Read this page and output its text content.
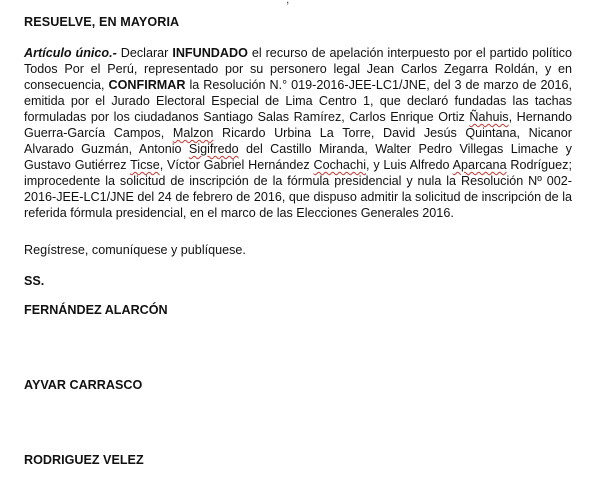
RESUELVE, EN MAYORIA
Artículo único.- Declarar INFUNDADO el recurso de apelación interpuesto por el partido político Todos Por el Perú, representado por su personero legal Jean Carlos Zegarra Roldán, y en consecuencia, CONFIRMAR la Resolución N.° 019-2016-JEE-LC1/JNE, del 3 de marzo de 2016, emitida por el Jurado Electoral Especial de Lima Centro 1, que declaró fundadas las tachas formuladas por los ciudadanos Santiago Salas Ramírez, Carlos Enrique Ortiz Ñahuis, Hernando Guerra-García Campos, Malzon Ricardo Urbina La Torre, David Jesús Quintana, Nicanor Alvarado Guzmán, Antonio Sigifredo del Castillo Miranda, Walter Pedro Villegas Limache y Gustavo Gutiérrez Ticse, Víctor Gabriel Hernández Cochachi, y Luis Alfredo Aparcana Rodríguez; improcedente la solicitud de inscripción de la fórmula presidencial y nula la Resolución Nº 002-2016-JEE-LC1/JNE del 24 de febrero de 2016, que dispuso admitir la solicitud de inscripción de la referida fórmula presidencial, en el marco de las Elecciones Generales 2016.
Regístrese, comuníquese y publíquese.
SS.
FERNÁNDEZ ALARCÓN
AYVAR CARRASCO
RODRIGUEZ VELEZ
